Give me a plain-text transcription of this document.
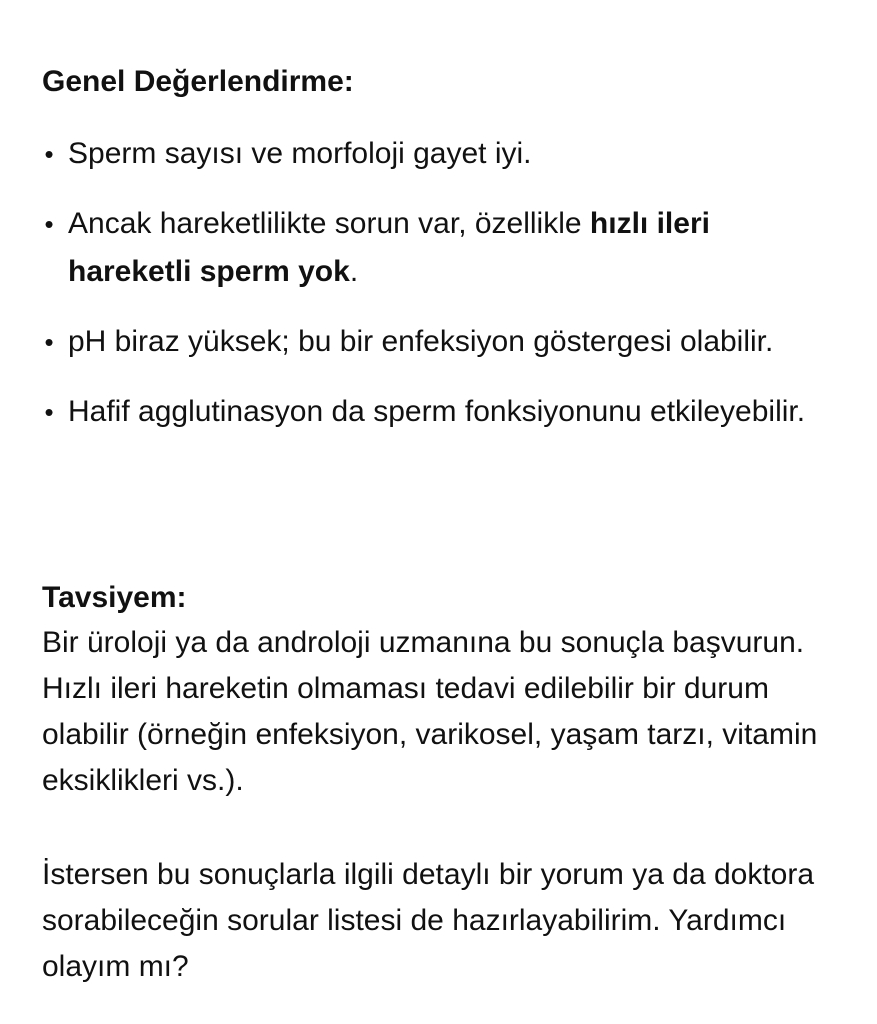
Genel Değerlendirme:
• Sperm sayısı ve morfoloji gayet iyi.
• Ancak hareketlilikte sorun var, özellikle hızlı ileri hareketli sperm yok.
• pH biraz yüksek; bu bir enfeksiyon göstergesi olabilir.
• Hafif agglutinasyon da sperm fonksiyonunu etkileyebilir.
Tavsiyem:

Bir üroloji ya da androloji uzmanına bu sonuçla başvurun. Hızlı ileri hareketin olmaması tedavi edilebilir bir durum olabilir (örneğin enfeksiyon, varikosel, yaşam tarzı, vitamin eksiklikleri vs.).

İstersen bu sonuçlarla ilgili detaylı bir yorum ya da doktora sorabileceğin sorular listesi de hazırlayabilirim. Yardımcı olayım mı?
